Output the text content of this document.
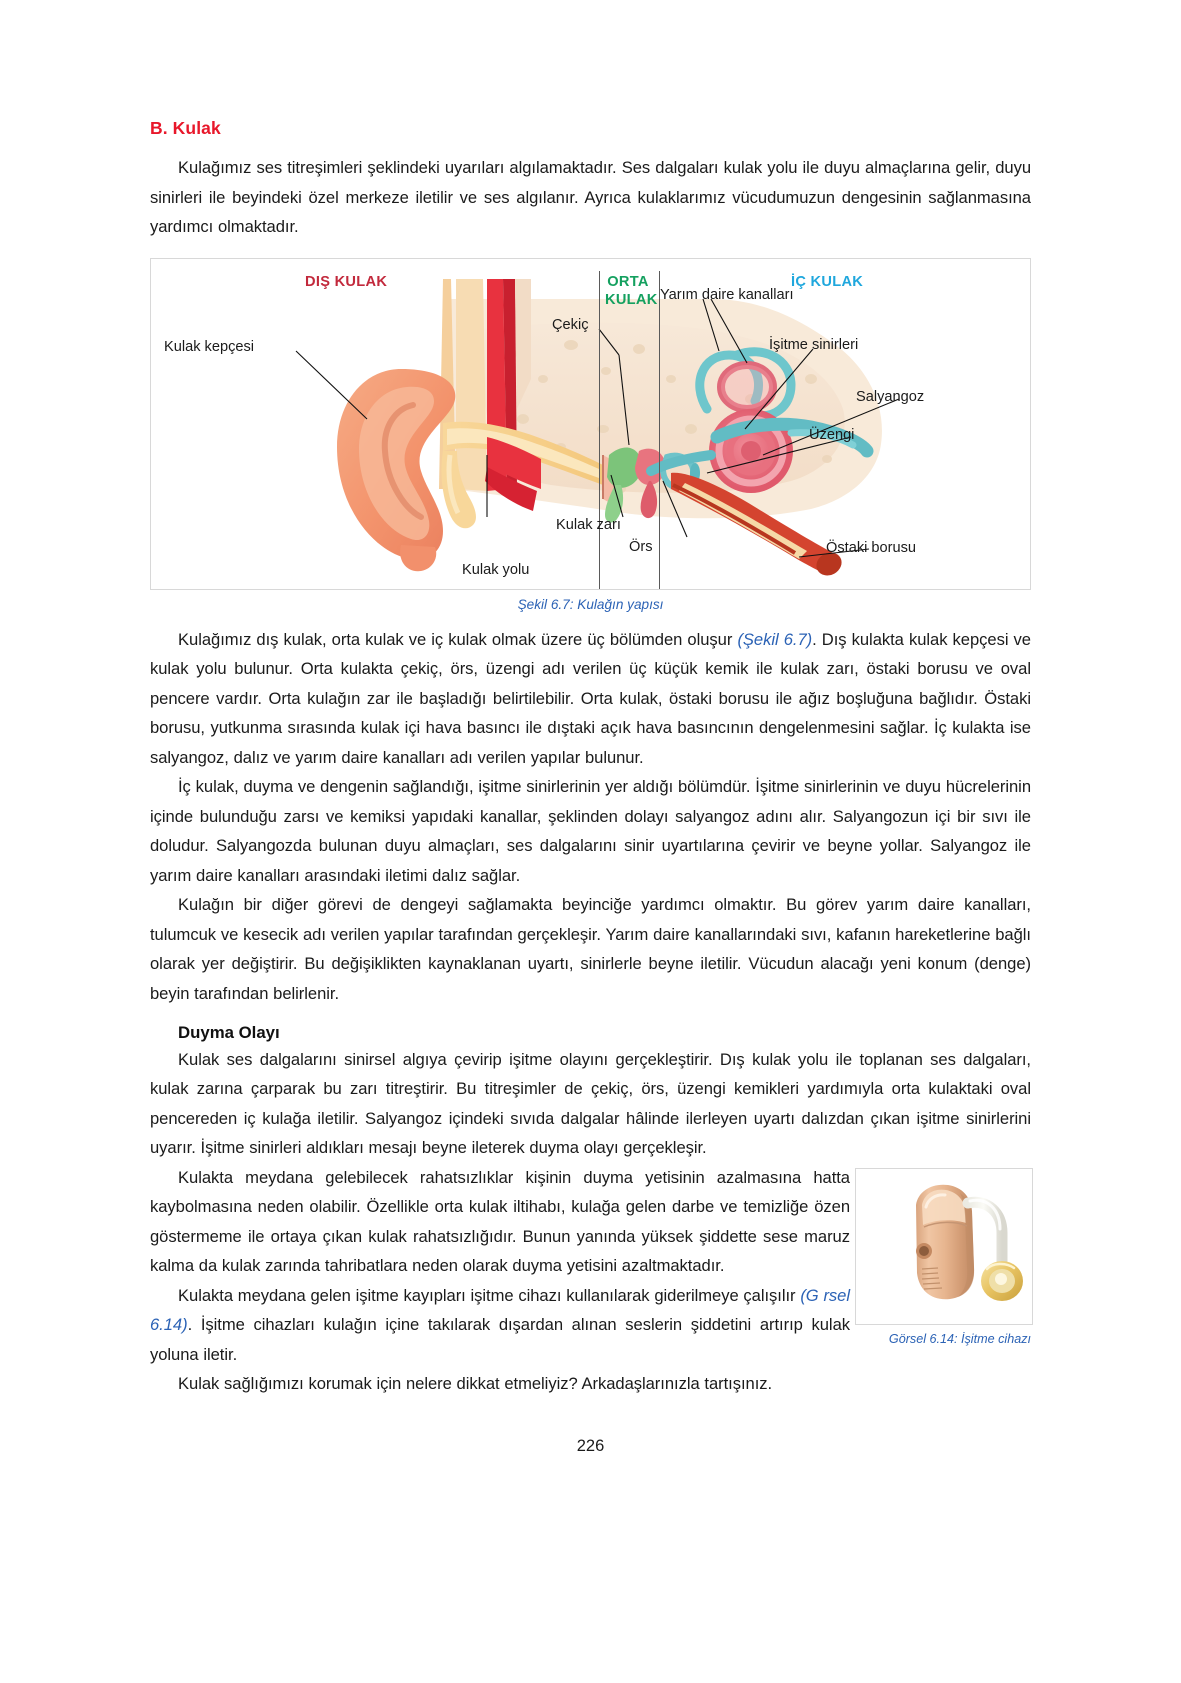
B. Kulak

Kulağımız ses titreşimleri şeklindeki uyarıları algılamaktadır. Ses dalgaları kulak yolu ile duyu almaçlarına gelir, duyu sinirleri ile beyindeki özel merkeze iletilir ve ses algılanır. Ayrıca kulaklarımız vücudumuzun dengesinin sağlanmasına yardımcı olmaktadır.

DIŞ KULAK	ORTA KULAK
İÇ KULAK
Kulak kepçesi
Çekiç
Yarım daire kanalları
İşitme sinirleri
Salyangoz
Üzengi
Kulak zarı
Örs	Östaki borusu
Kulak yolu
Şekil 6.7: Kulağın yapısı

Kulağımız dış kulak, orta kulak ve iç kulak olmak üzere üç bölümden oluşur (Şekil 6.7). Dış kulakta kulak kepçesi ve kulak yolu bulunur. Orta kulakta çekiç, örs, üzengi adı verilen üç küçük kemik ile kulak zarı, östaki borusu ve oval pencere vardır. Orta kulağın zar ile başladığı belirtilebilir. Orta kulak, östaki borusu ile ağız boşluğuna bağlıdır. Östaki borusu, yutkunma sırasında kulak içi hava basıncı ile dıştaki açık hava basıncının dengelenmesini sağlar. İç kulakta ise salyangoz, dalız ve yarım daire kanalları adı verilen yapılar bulunur.

İç kulak, duyma ve dengenin sağlandığı, işitme sinirlerinin yer aldığı bölümdür. İşitme sinirlerinin ve duyu hücrelerinin içinde bulunduğu zarsı ve kemiksi yapıdaki kanallar, şeklinden dolayı salyangoz adını alır. Salyangozun içi bir sıvı ile doludur. Salyangozda bulunan duyu almaçları, ses dalgalarını sinir uyartılarına çevirir ve beyne yollar. Salyangoz ile yarım daire kanalları arasındaki iletimi dalız sağlar.

Kulağın bir diğer görevi de dengeyi sağlamakta beyinciğe yardımcı olmaktır. Bu görev yarım daire kanalları, tulumcuk ve kesecik adı verilen yapılar tarafından gerçekleşir. Yarım daire kanallarındaki sıvı, kafanın hareketlerine bağlı olarak yer değiştirir. Bu değişiklikten kaynaklanan uyartı, sinirlerle beyne iletilir. Vücudun alacağı yeni konum (denge) beyin tarafından belirlenir.

Duyma Olayı

Kulak ses dalgalarını sinirsel algıya çevirip işitme olayını gerçekleştirir. Dış kulak yolu ile toplanan ses dalgaları, kulak zarına çarparak bu zarı titreştirir. Bu titreşimler de çekiç, örs, üzengi kemikleri yardımıyla orta kulaktaki oval pencereden iç kulağa iletilir. Salyangoz içindeki sıvıda dalgalar hâlinde ilerleyen uyartı dalızdan çıkan işitme sinirlerini uyarır. İşitme sinirleri aldıkları mesajı beyne ileterek duyma olayı gerçekleşir.

Kulakta meydana gelebilecek rahatsızlıklar kişinin duyma yetisinin azalmasına hatta kaybolmasına neden olabilir. Özellikle orta kulak iltihabı, kulağa gelen darbe ve temizliğe özen göstermeme ile ortaya çıkan kulak rahatsızlığıdır. Bunun yanında yüksek şiddette sese maruz kalma da kulak zarında tahribatlara neden olarak duyma yetisini azaltmaktadır.

Kulakta meydana gelen işitme kayıpları işitme cihazı kullanılarak giderilmeye çalışılır (G rsel 6.14). İşitme cihazları kulağın içine takılarak dışardan alınan seslerin şiddetini artırıp kulak yoluna iletir.

Kulak sağlığımızı korumak için nelere dikkat etmeliyiz? Arkadaşlarınızla tartışınız.

226
Görsel 6.14: İşitme cihazı
